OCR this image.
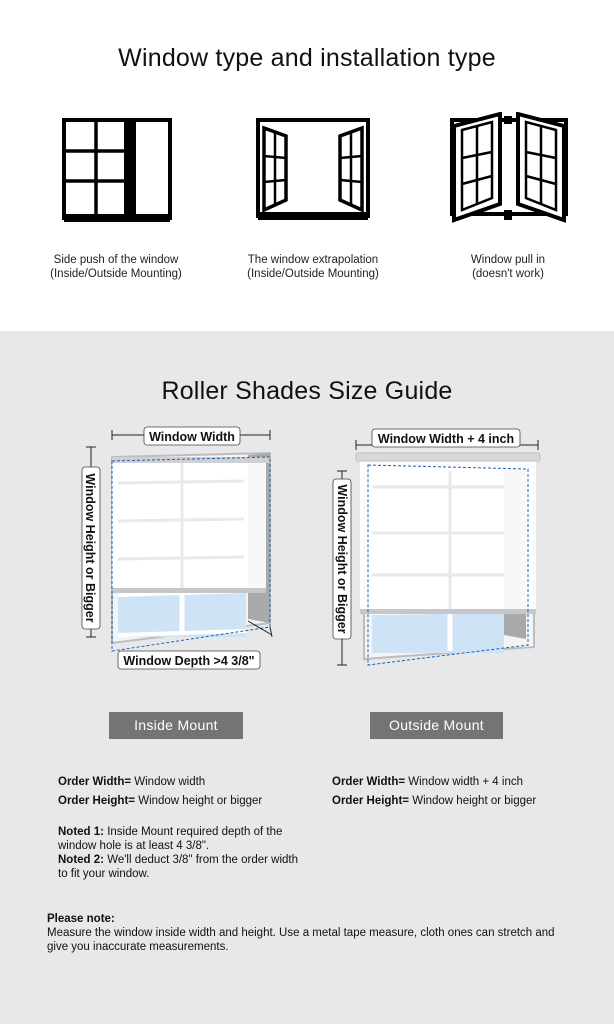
Window type and installation type
Side push of the window
(Inside/Outside Mounting)
The window extrapolation
(Inside/Outside Mounting)
Window pull in
(doesn't work)
Roller Shades Size Guide
Window Width
Window Height or Bigger
Window Depth >4 3/8"
Window Width + 4 inch
Window Height or Bigger
Inside Mount	Outside Mount
Order Width= Window width
Order Height= Window height or bigger
Order Width= Window width + 4 inch
Order Height= Window height or bigger
Noted 1: Inside Mount required depth of the window hole is at least 4 3/8".
Noted 2: We'll deduct 3/8" from the order width to fit your window.
Please note:
Measure the window inside width and height. Use a metal tape measure, cloth ones can stretch and give you inaccurate measurements.
